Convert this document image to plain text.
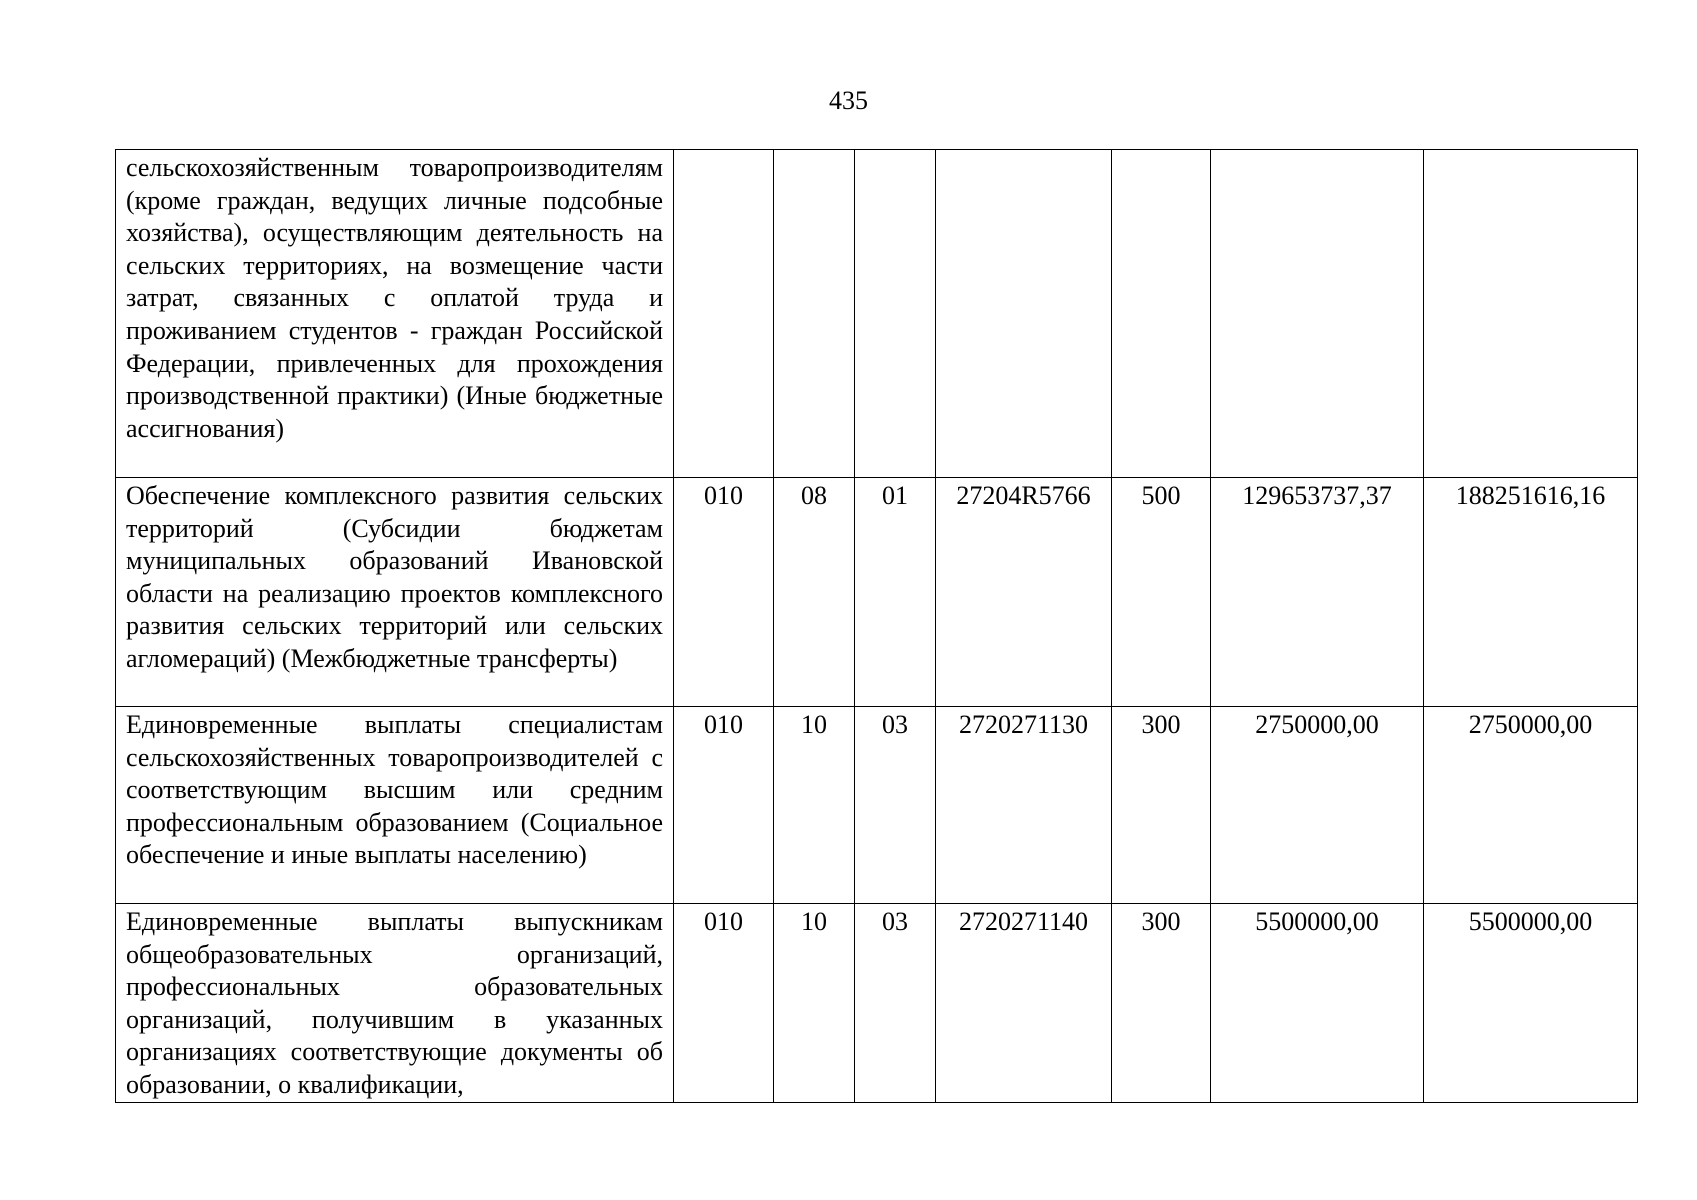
435
сельскохозяйственным товаропроизводителям (кроме граждан, ведущих личные подсобные хозяйства), осуществляющим деятельность на сельских территориях, на возмещение части затрат, связанных с оплатой труда и проживанием студентов - граждан Российской Федерации, привлеченных для прохождения производственной практики) (Иные бюджетные ассигнования)							
Обеспечение комплексного развития сельских территорий (Субсидии бюджетам муниципальных образований Ивановской области на реализацию проектов комплексного развития сельских территорий или сельских агломераций) (Межбюджетные трансферты)	010	08	01	27204R5766	500	129653737,37	188251616,16
Единовременные выплаты специалистам сельскохозяйственных товаропроизводителей с соответствующим высшим или средним профессиональным образованием (Социальное обеспечение и иные выплаты населению)	010	10	03	2720271130	300	2750000,00	2750000,00
Единовременные выплаты выпускникам общеобразовательных организаций, профессиональных образовательных организаций, получившим в указанных организациях соответствующие документы об образовании, о квалификации,	010	10	03	2720271140	300	5500000,00	5500000,00
